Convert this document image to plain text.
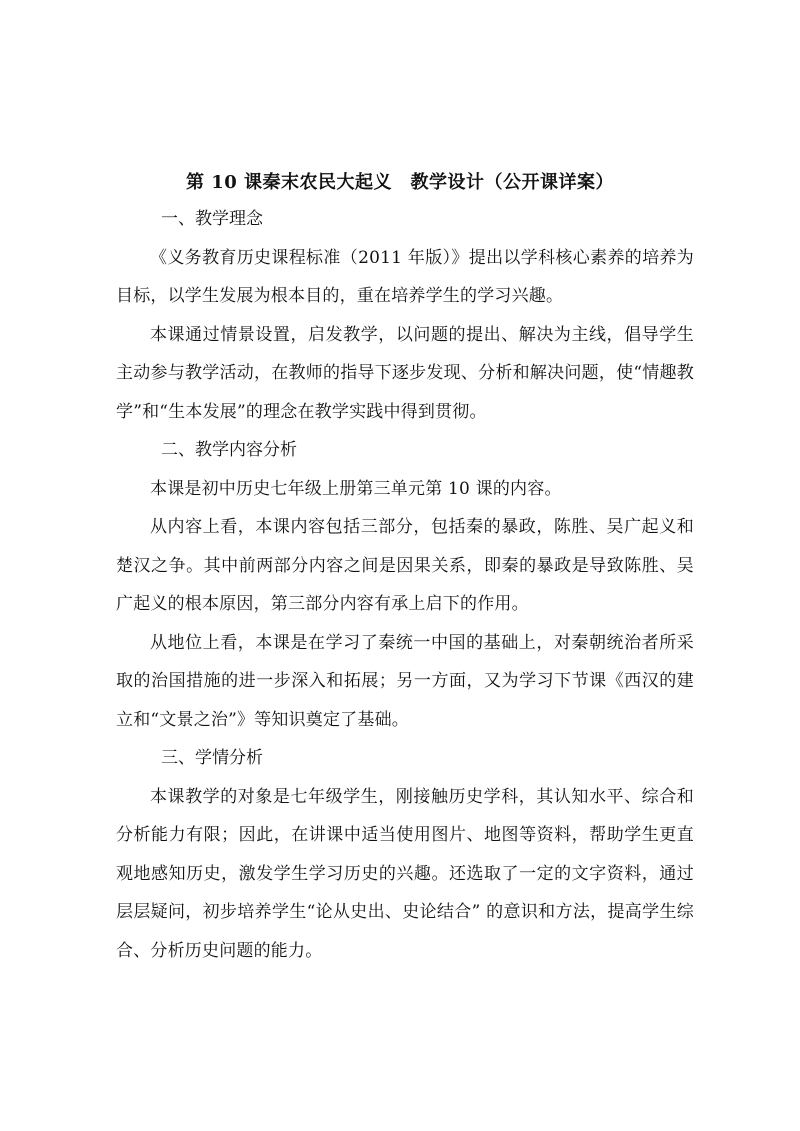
第 10 课秦末农民大起义　教学设计（公开课详案）

一、教学理念

《义务教育历史课程标准（2011 年版）》提出以学科核心素养的培养为目标，以学生发展为根本目的，重在培养学生的学习兴趣。

本课通过情景设置，启发教学，以问题的提出、解决为主线，倡导学生主动参与教学活动，在教师的指导下逐步发现、分析和解决问题，使“情趣教学”和“生本发展”的理念在教学实践中得到贯彻。

二、教学内容分析

本课是初中历史七年级上册第三单元第 10 课的内容。

从内容上看，本课内容包括三部分，包括秦的暴政，陈胜、吴广起义和楚汉之争。其中前两部分内容之间是因果关系，即秦的暴政是导致陈胜、吴广起义的根本原因，第三部分内容有承上启下的作用。

从地位上看，本课是在学习了秦统一中国的基础上，对秦朝统治者所采取的治国措施的进一步深入和拓展；另一方面，又为学习下节课《西汉的建立和“文景之治”》等知识奠定了基础。

三、学情分析

本课教学的对象是七年级学生，刚接触历史学科，其认知水平、综合和分析能力有限；因此，在讲课中适当使用图片、地图等资料，帮助学生更直观地感知历史，激发学生学习历史的兴趣。还选取了一定的文字资料，通过层层疑问，初步培养学生“论从史出、史论结合” 的意识和方法，提高学生综合、分析历史问题的能力。
